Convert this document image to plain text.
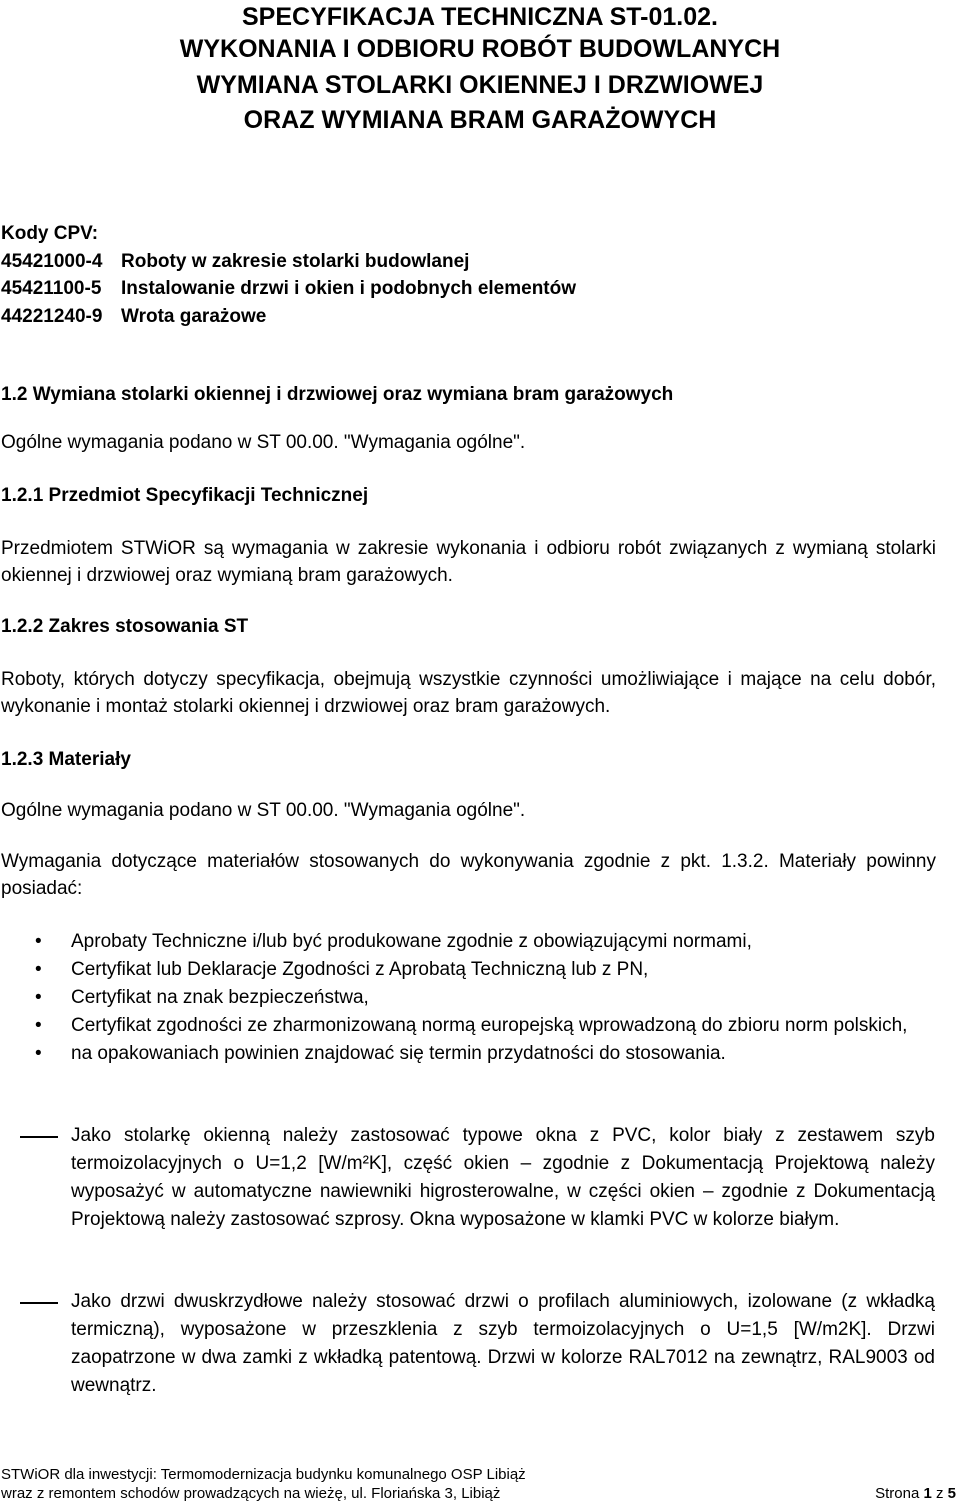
SPECYFIKACJA TECHNICZNA ST-01.02.
WYKONANIA I ODBIORU ROBÓT BUDOWLANYCH
WYMIANA STOLARKI OKIENNEJ I DRZWIOWEJ
ORAZ WYMIANA BRAM GARAŻOWYCH
Kody CPV:
45421000-4 Roboty w zakresie stolarki budowlanej
45421100-5 Instalowanie drzwi i okien i podobnych elementów
44221240-9 Wrota garażowe
1.2 Wymiana stolarki okiennej i drzwiowej oraz wymiana bram garażowych
Ogólne wymagania podano w ST 00.00. "Wymagania ogólne".
1.2.1 Przedmiot Specyfikacji Technicznej
Przedmiotem STWiOR są wymagania w zakresie wykonania i odbioru robót związanych z wymianą stolarki okiennej i drzwiowej oraz wymianą bram garażowych.
1.2.2 Zakres stosowania ST
Roboty, których dotyczy specyfikacja, obejmują wszystkie czynności umożliwiające i mające na celu dobór, wykonanie i montaż stolarki okiennej i drzwiowej oraz bram garażowych.
1.2.3 Materiały
Ogólne wymagania podano w ST 00.00. "Wymagania ogólne".
Wymagania dotyczące materiałów stosowanych do wykonywania zgodnie z pkt. 1.3.2. Materiały powinny posiadać:
• Aprobaty Techniczne i/lub być produkowane zgodnie z obowiązującymi normami,
• Certyfikat lub Deklaracje Zgodności z Aprobatą Techniczną lub z PN,
• Certyfikat na znak bezpieczeństwa,
• Certyfikat zgodności ze zharmonizowaną normą europejską wprowadzoną do zbioru norm polskich,
• na opakowaniach powinien znajdować się termin przydatności do stosowania.
Jako stolarkę okienną należy zastosować typowe okna z PVC, kolor biały z zestawem szyb termoizolacyjnych o U=1,2 [W/m²K], część okien – zgodnie z Dokumentacją Projektową należy wyposażyć w automatyczne nawiewniki higrosterowalne, w części okien – zgodnie z Dokumentacją Projektową należy zastosować szprosy. Okna wyposażone w klamki PVC w kolorze białym.
Jako drzwi dwuskrzydłowe należy stosować drzwi o profilach aluminiowych, izolowane (z wkładką termiczną), wyposażone w przeszklenia z szyb termoizolacyjnych o U=1,5 [W/m2K]. Drzwi zaopatrzone w dwa zamki z wkładką patentową. Drzwi w kolorze RAL7012 na zewnątrz, RAL9003 od wewnątrz.
STWiOR dla inwestycji: Termomodernizacja budynku komunalnego OSP Libiąż
wraz z remontem schodów prowadzących na wieżę, ul. Floriańska 3, Libiąż	Strona 1 z 5
